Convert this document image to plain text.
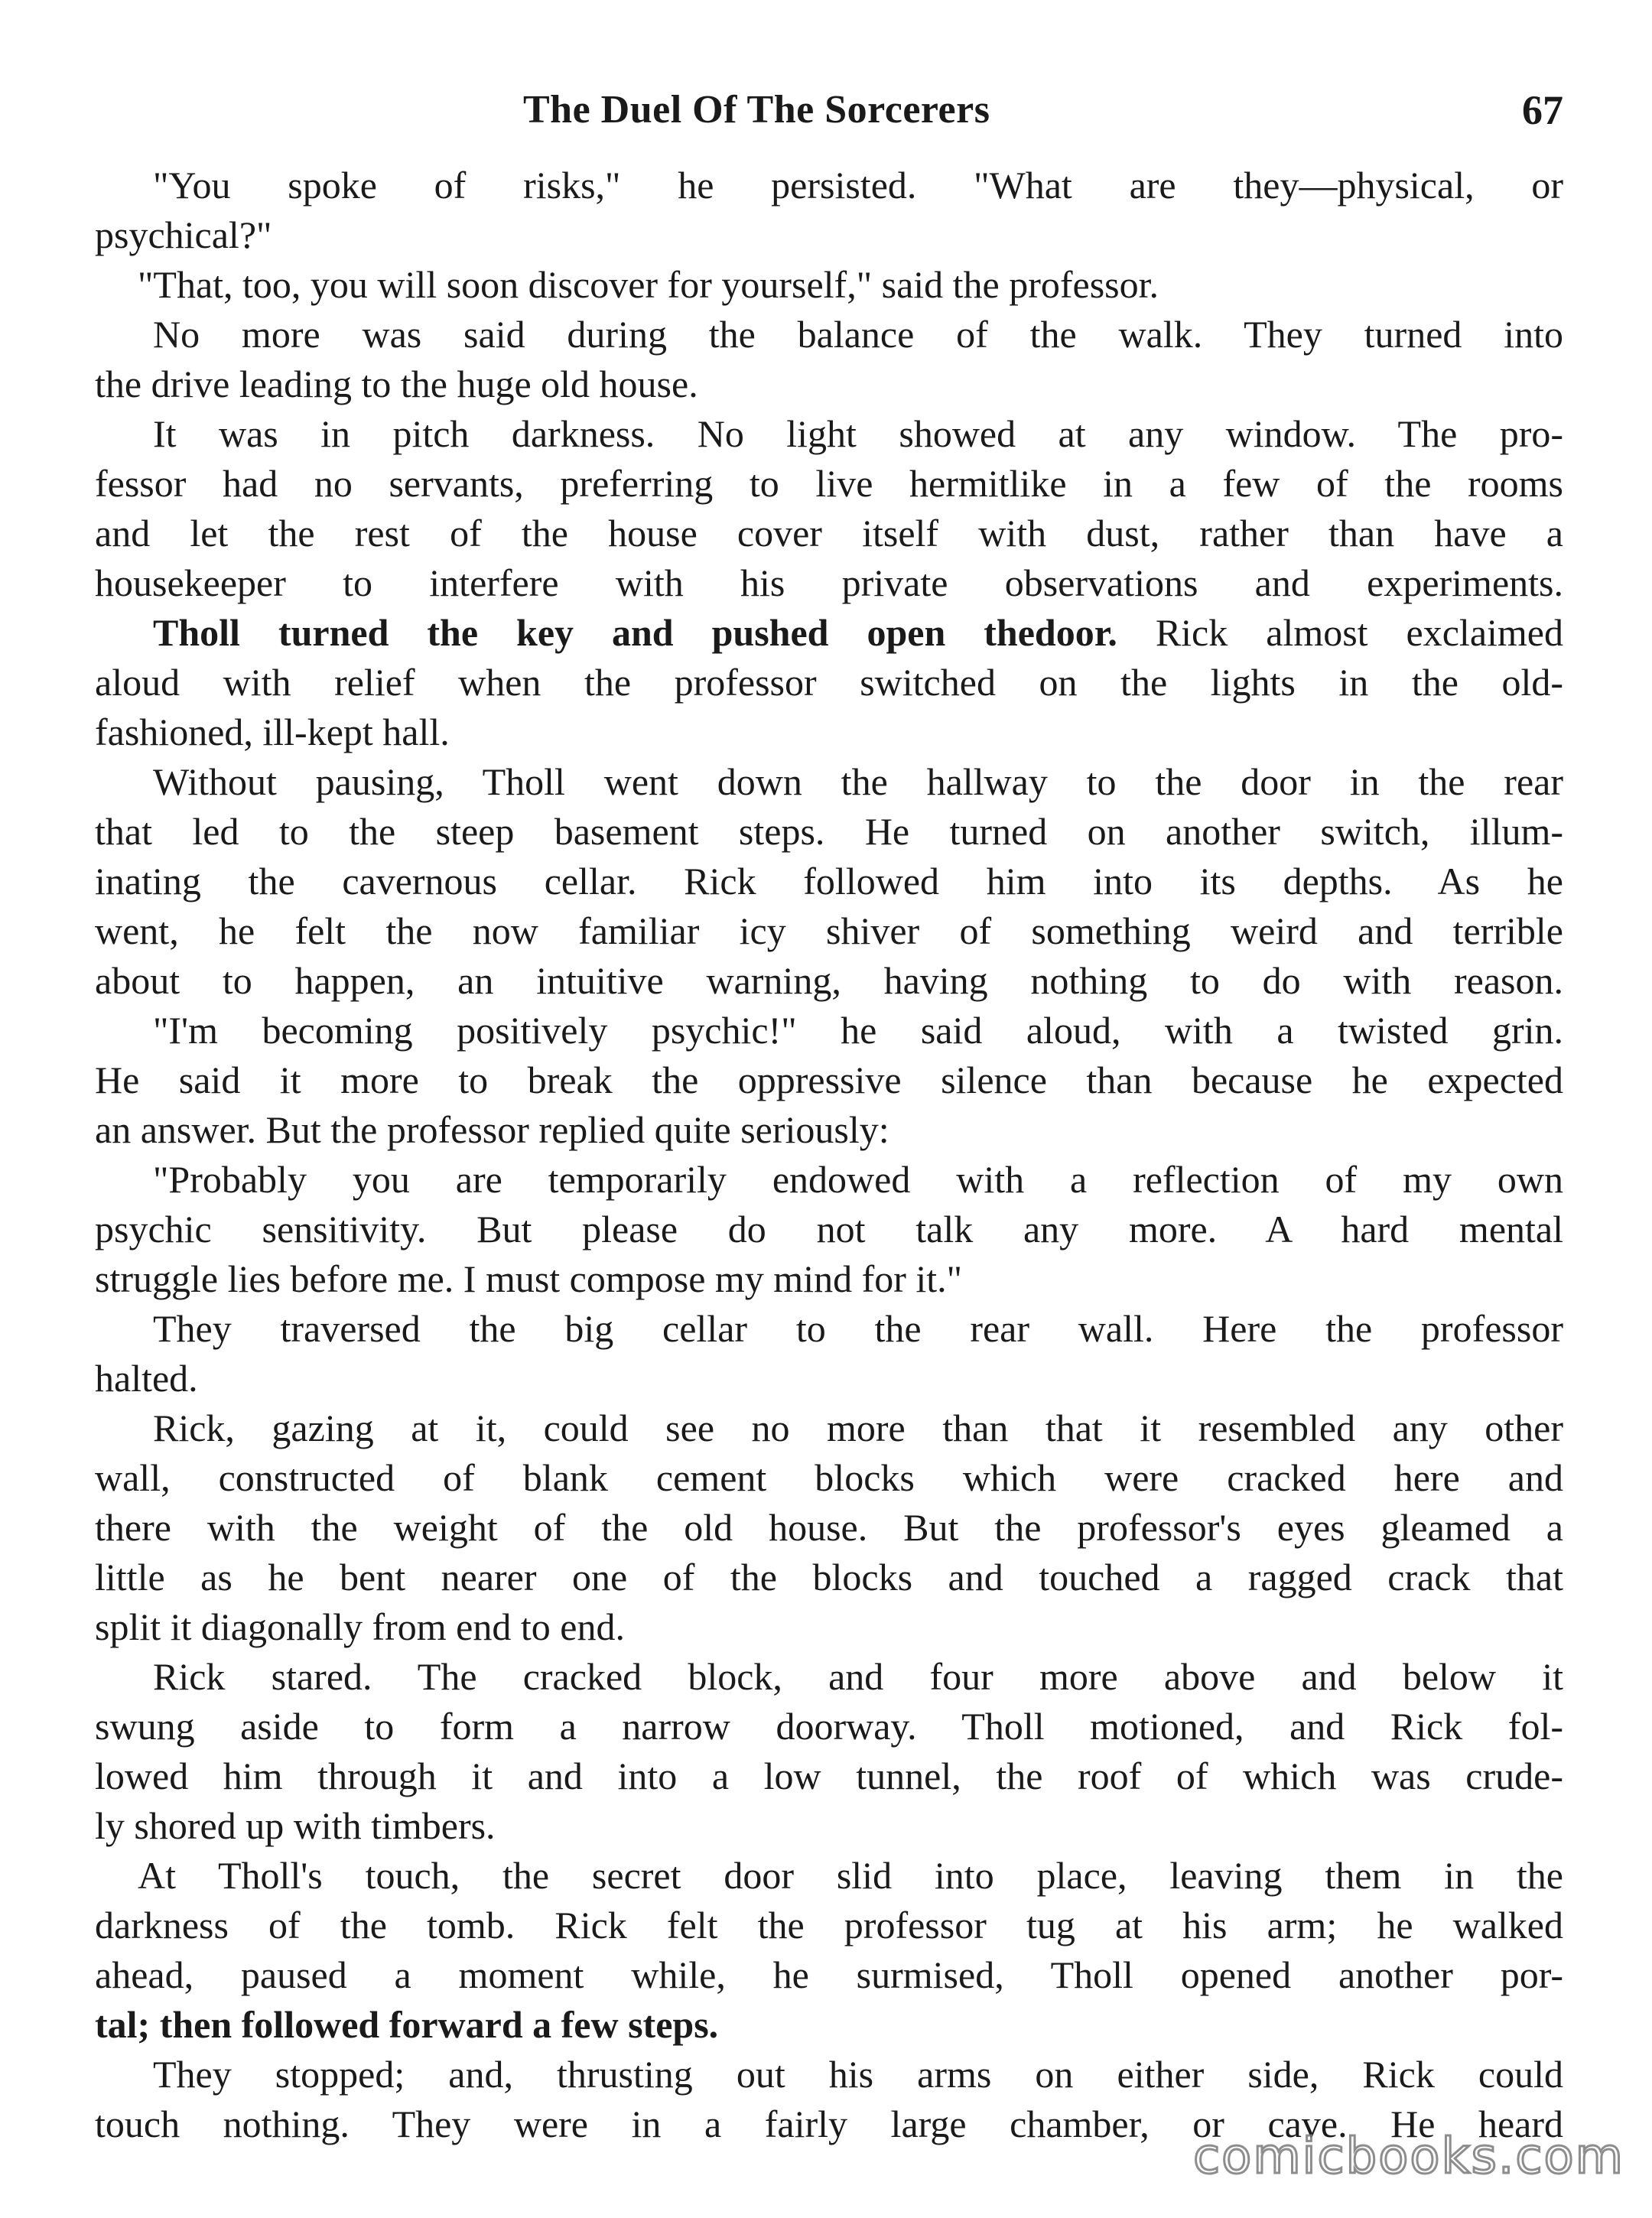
The Duel Of The Sorcerers	67
"You spoke of risks," he persisted. "What are they—physical, or
psychical?"
"That, too, you will soon discover for yourself," said the professor.
No more was said during the balance of the walk. They turned into
the drive leading to the huge old house.
It was in pitch darkness. No light showed at any window. The pro-
fessor had no servants, preferring to live hermitlike in a few of the rooms
and let the rest of the house cover itself with dust, rather than have a
housekeeper to interfere with his private observations and experiments.
Tholl turned the key and pushed open thedoor. Rick almost exclaimed
aloud with relief when the professor switched on the lights in the old-
fashioned, ill-kept hall.
Without pausing, Tholl went down the hallway to the door in the rear
that led to the steep basement steps. He turned on another switch, illum-
inating the cavernous cellar. Rick followed him into its depths. As he
went, he felt the now familiar icy shiver of something weird and terrible
about to happen, an intuitive warning, having nothing to do with reason.
"I'm becoming positively psychic!" he said aloud, with a twisted grin.
He said it more to break the oppressive silence than because he expected
an answer. But the professor replied quite seriously:
"Probably you are temporarily endowed with a reflection of my own
psychic sensitivity. But please do not talk any more. A hard mental
struggle lies before me. I must compose my mind for it."
They traversed the big cellar to the rear wall. Here the professor
halted.
Rick, gazing at it, could see no more than that it resembled any other
wall, constructed of blank cement blocks which were cracked here and
there with the weight of the old house. But the professor's eyes gleamed a
little as he bent nearer one of the blocks and touched a ragged crack that
split it diagonally from end to end.
Rick stared. The cracked block, and four more above and below it
swung aside to form a narrow doorway. Tholl motioned, and Rick fol-
lowed him through it and into a low tunnel, the roof of which was crude-
ly shored up with timbers.
At Tholl's touch, the secret door slid into place, leaving them in the
darkness of the tomb. Rick felt the professor tug at his arm; he walked
ahead, paused a moment while, he surmised, Tholl opened another por-
tal; then followed forward a few steps.
They stopped; and, thrusting out his arms on either side, Rick could
touch nothing. They were in a fairly large chamber, or cave. He heard
comicbooks.com
